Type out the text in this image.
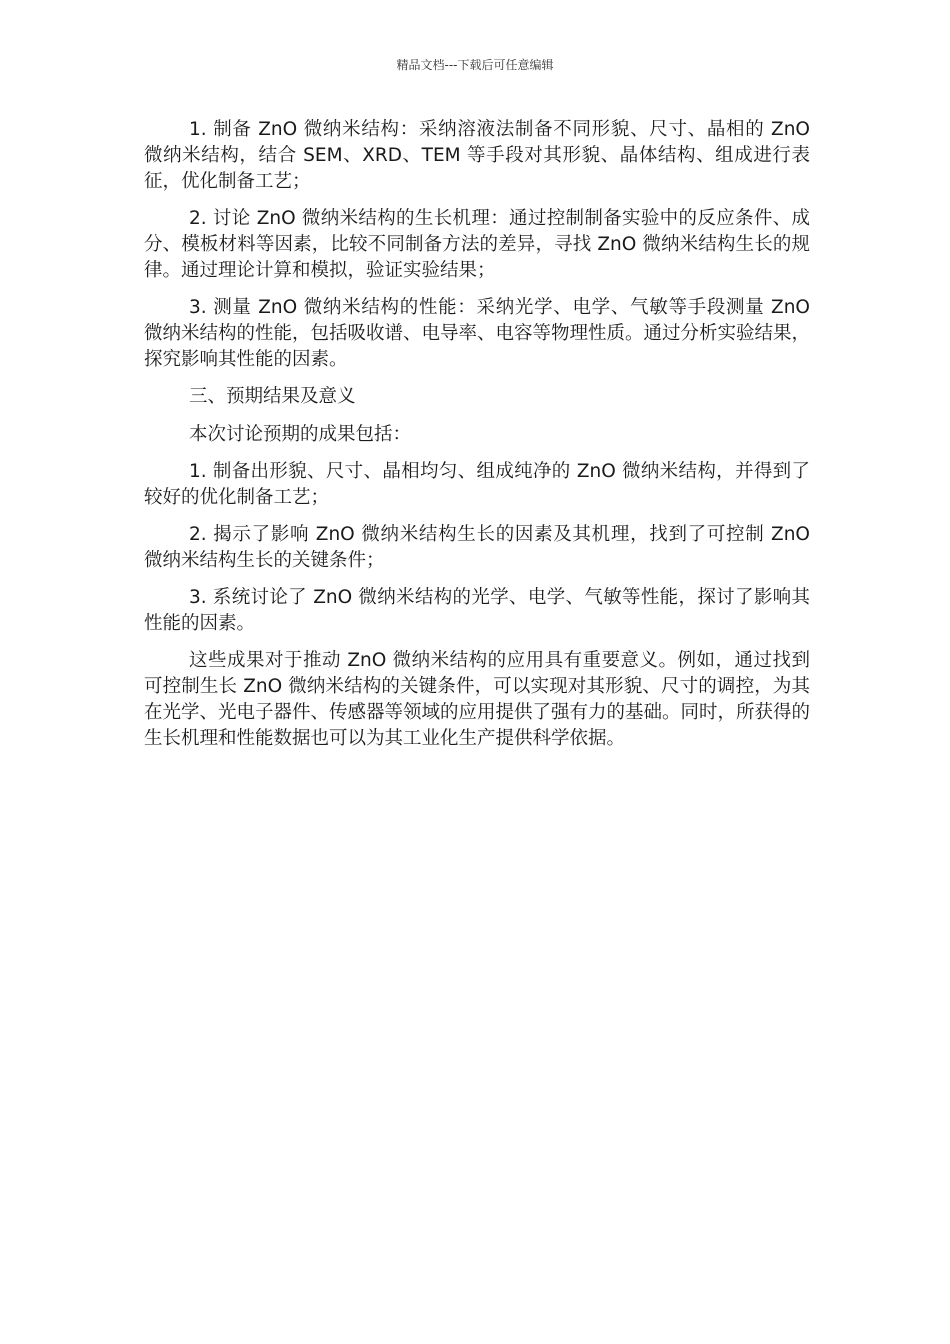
精品文档---下载后可任意编辑

1. 制备 ZnO 微纳米结构：采纳溶液法制备不同形貌、尺寸、晶相的 ZnO 微纳米结构，结合 SEM、XRD、TEM 等手段对其形貌、晶体结构、组成进行表征，优化制备工艺；

2. 讨论 ZnO 微纳米结构的生长机理：通过控制制备实验中的反应条件、成分、模板材料等因素，比较不同制备方法的差异，寻找 ZnO 微纳米结构生长的规律。通过理论计算和模拟，验证实验结果；

3. 测量 ZnO 微纳米结构的性能：采纳光学、电学、气敏等手段测量 ZnO 微纳米结构的性能，包括吸收谱、电导率、电容等物理性质。通过分析实验结果，探究影响其性能的因素。

三、预期结果及意义

本次讨论预期的成果包括：

1. 制备出形貌、尺寸、晶相均匀、组成纯净的 ZnO 微纳米结构，并得到了较好的优化制备工艺；

2. 揭示了影响 ZnO 微纳米结构生长的因素及其机理，找到了可控制 ZnO 微纳米结构生长的关键条件；

3. 系统讨论了 ZnO 微纳米结构的光学、电学、气敏等性能，探讨了影响其性能的因素。

这些成果对于推动 ZnO 微纳米结构的应用具有重要意义。例如，通过找到可控制生长 ZnO 微纳米结构的关键条件，可以实现对其形貌、尺寸的调控，为其在光学、光电子器件、传感器等领域的应用提供了强有力的基础。同时，所获得的生长机理和性能数据也可以为其工业化生产提供科学依据。
